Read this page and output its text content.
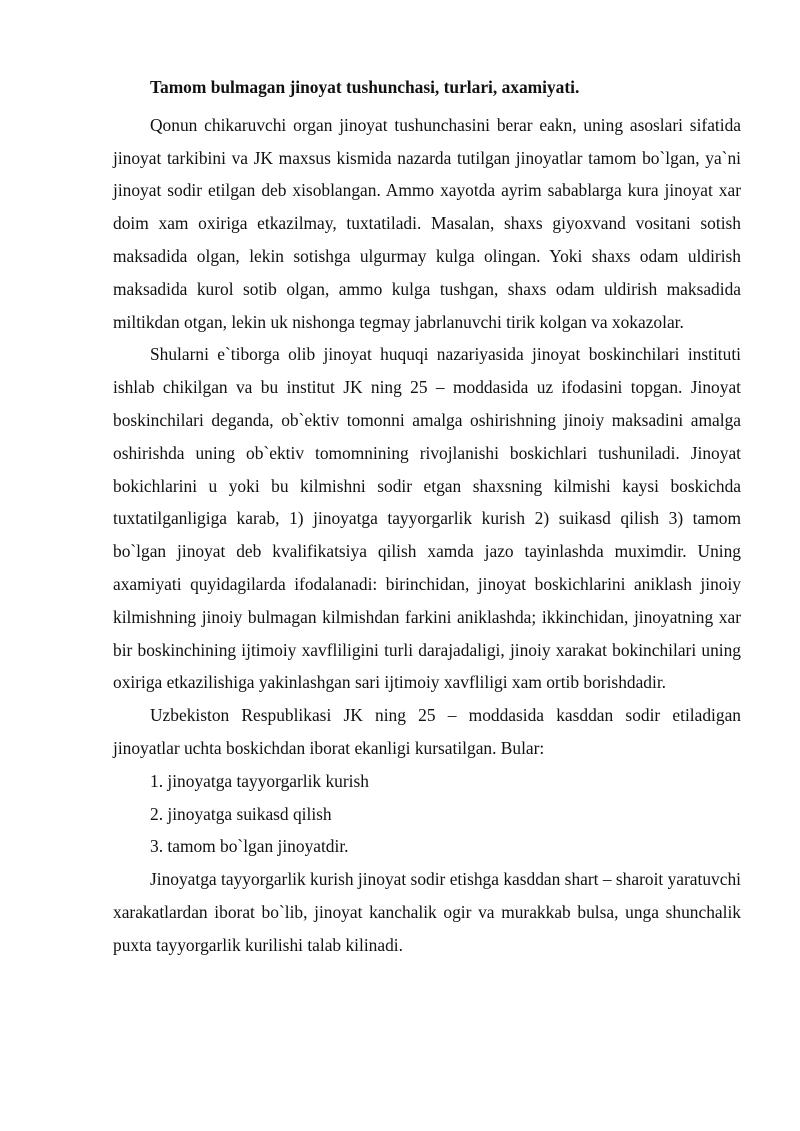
Tamom bulmagan jinoyat tushunchasi, turlari, axamiyati.

Qonun chikaruvchi organ jinoyat tushunchasini berar eakn, uning asoslari sifatida jinoyat tarkibini va JK maxsus kismida nazarda tutilgan jinoyatlar tamom bo`lgan, ya`ni jinoyat sodir etilgan deb xisoblangan. Ammo xayotda ayrim sabablarga kura jinoyat xar doim xam oxiriga etkazilmay, tuxtatiladi. Masalan, shaxs giyoxvand vositani sotish maksadida olgan, lekin sotishga ulgurmay kulga olingan. Yoki shaxs odam uldirish maksadida kurol sotib olgan, ammo kulga tushgan, shaxs odam uldirish maksadida miltikdan otgan, lekin uk nishonga tegmay jabrlanuvchi tirik kolgan va xokazolar.

Shularni e`tiborga olib jinoyat huquqi nazariyasida jinoyat boskinchilari instituti ishlab chikilgan va bu institut JK ning 25 – moddasida uz ifodasini topgan. Jinoyat boskinchilari deganda, ob`ektiv tomonni amalga oshirishning jinoiy maksadini amalga oshirishda uning ob`ektiv tomomnining rivojlanishi boskichlari tushuniladi. Jinoyat bokichlarini u yoki bu kilmishni sodir etgan shaxsning kilmishi kaysi boskichda tuxtatilganligiga karab, 1) jinoyatga tayyorgarlik kurish 2) suikasd qilish 3) tamom bo`lgan jinoyat deb kvalifikatsiya qilish xamda jazo tayinlashda muximdir. Uning axamiyati quyidagilarda ifodalanadi: birinchidan, jinoyat boskichlarini aniklash jinoiy kilmishning jinoiy bulmagan kilmishdan farkini aniklashda; ikkinchidan, jinoyatning xar bir boskinchining ijtimoiy xavfliligini turli darajadaligi, jinoiy xarakat bokinchilari uning oxiriga etkazilishiga yakinlashgan sari ijtimoiy xavfliligi xam ortib borishdadir.

Uzbekiston Respublikasi JK ning 25 – moddasida kasddan sodir etiladigan jinoyatlar uchta boskichdan iborat ekanligi kursatilgan. Bular:

1. jinoyatga tayyorgarlik kurish

2. jinoyatga suikasd qilish

3. tamom bo`lgan jinoyatdir.

Jinoyatga tayyorgarlik kurish jinoyat sodir etishga kasddan shart – sharoit yaratuvchi xarakatlardan iborat bo`lib, jinoyat kanchalik ogir va murakkab bulsa, unga shunchalik puxta tayyorgarlik kurilishi talab kilinadi.
